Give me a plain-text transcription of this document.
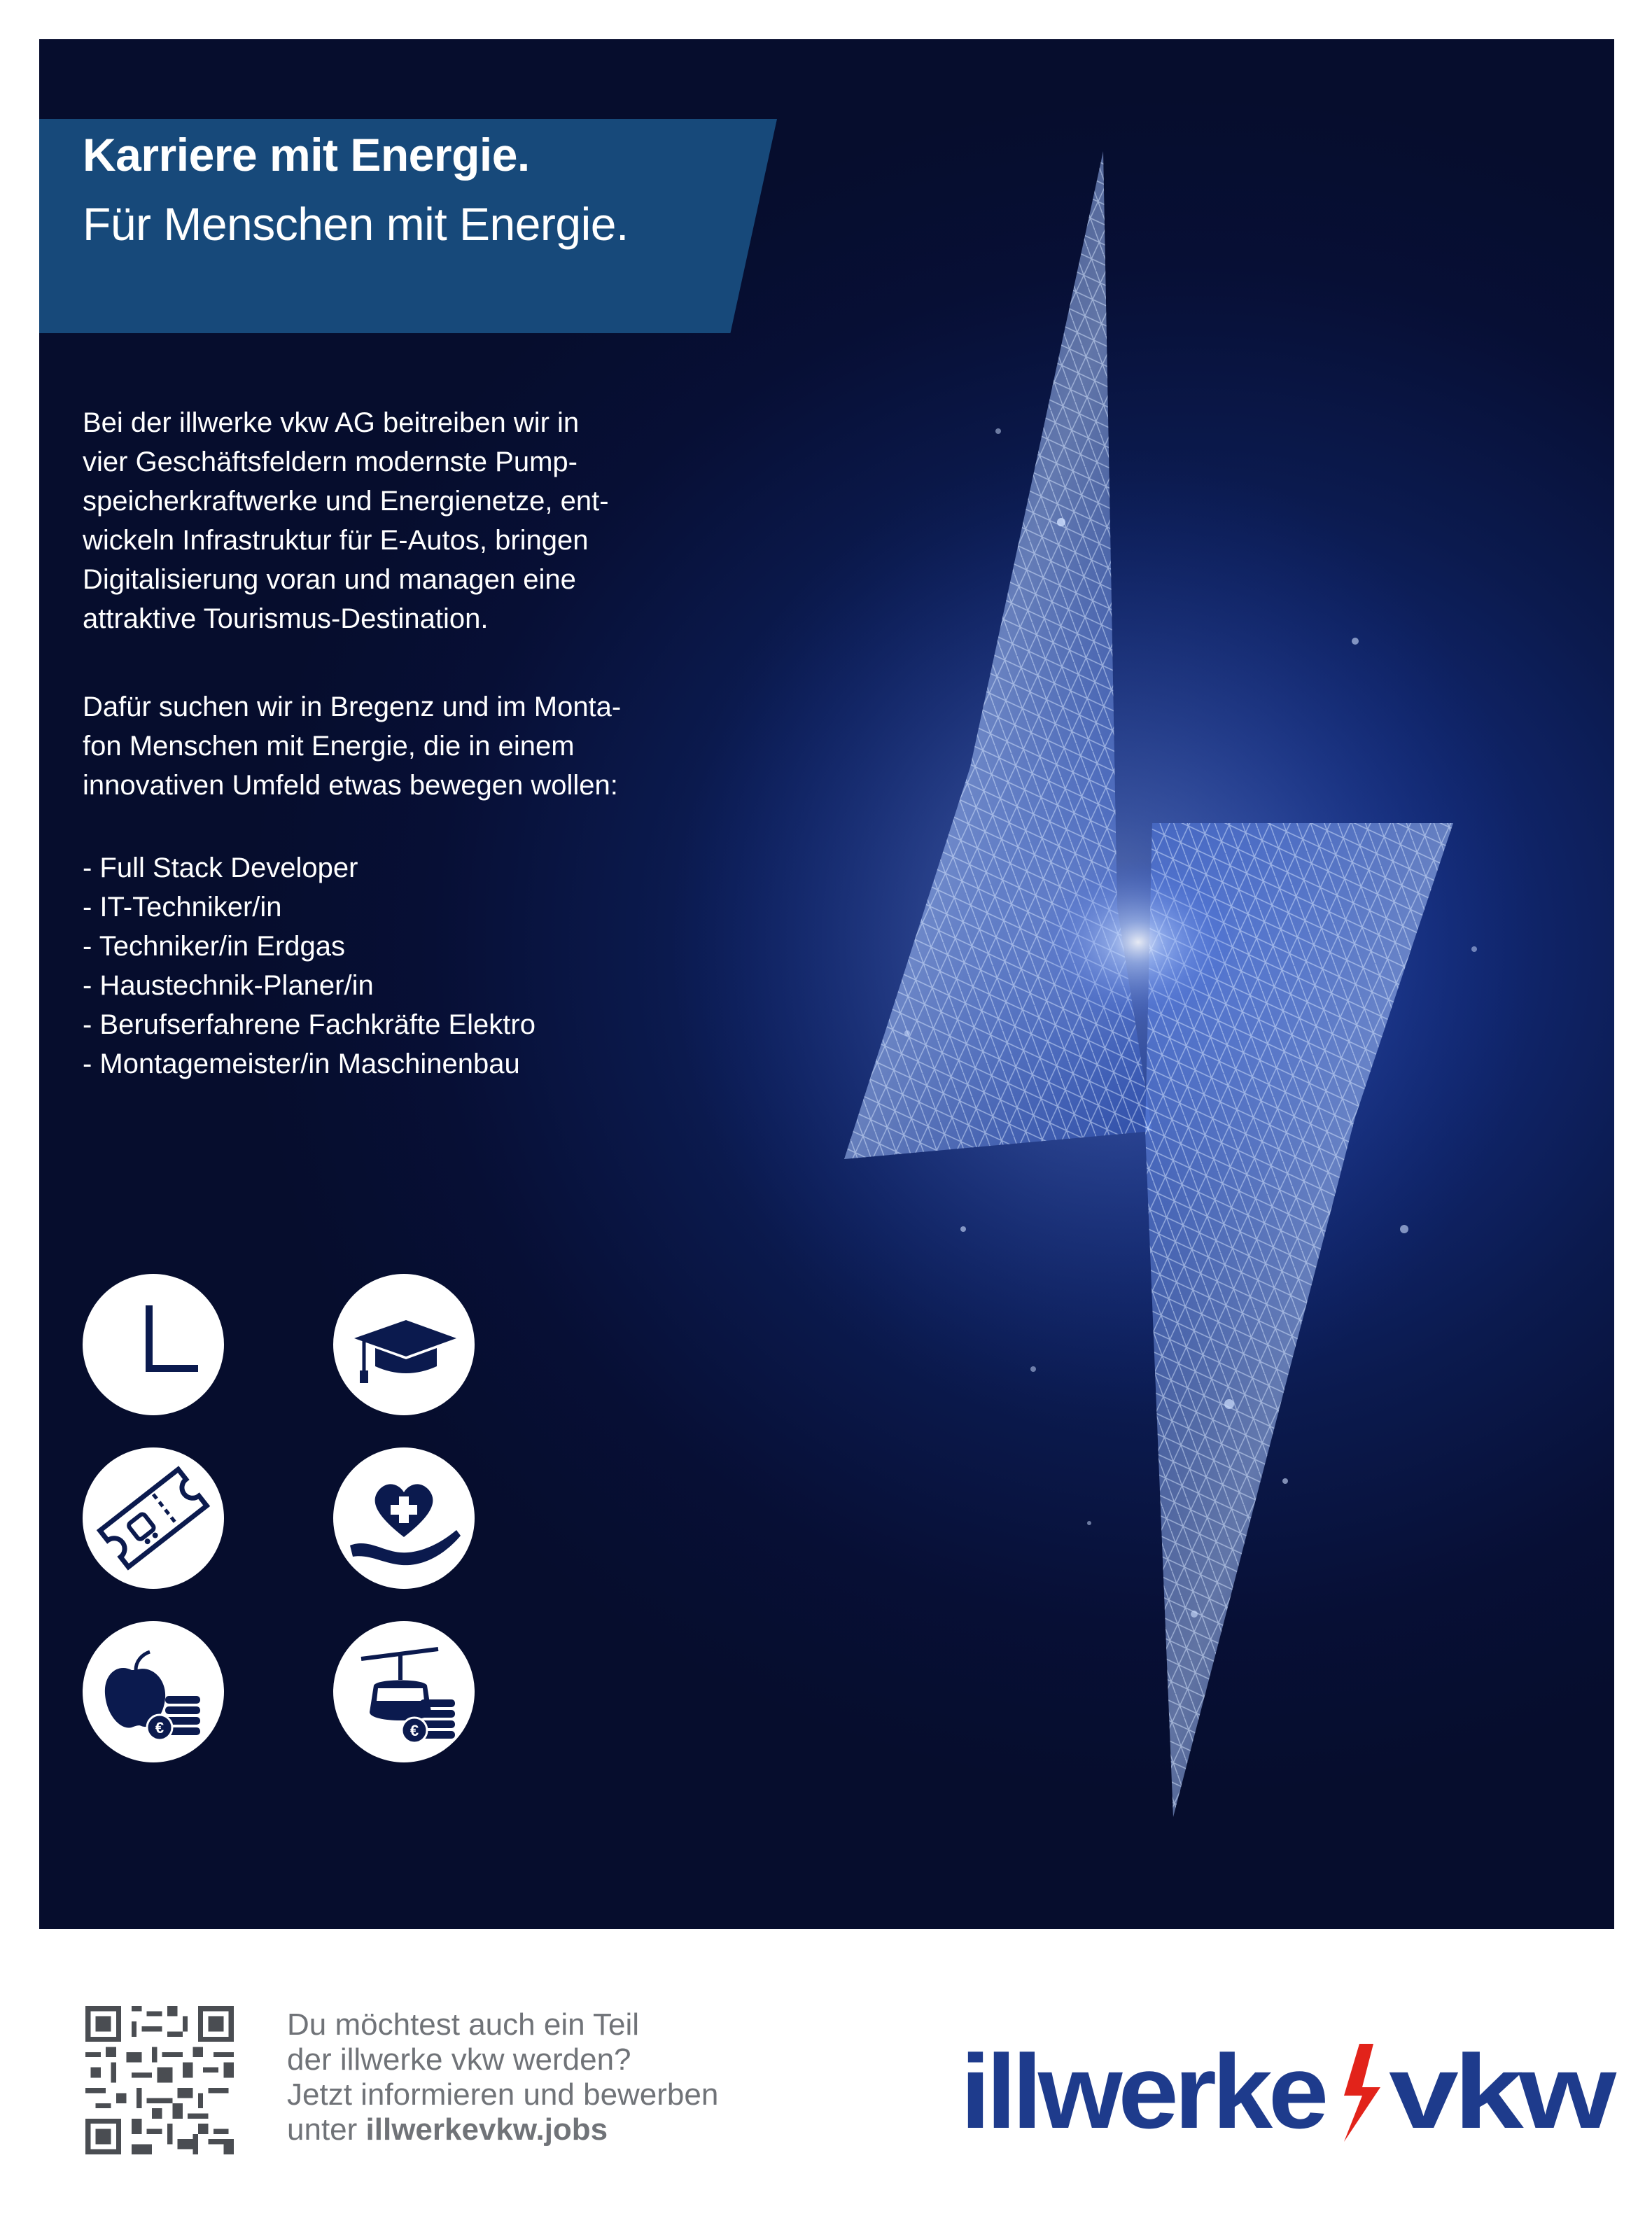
Karriere mit Energie.
Für Menschen mit Energie.

Bei der illwerke vkw AG beitreiben wir in
vier Geschäftsfeldern modernste Pump-
speicherkraftwerke und Energienetze, ent-
wickeln Infrastruktur für E-Autos, bringen
Digitalisierung voran und managen eine
attraktive Tourismus-Destination.

Dafür suchen wir in Bregenz und im Monta-
fon Menschen mit Energie, die in einem
innovativen Umfeld etwas bewegen wollen:

- Full Stack Developer
- IT-Techniker/in
- Techniker/in Erdgas
- Haustechnik-Planer/in
- Berufserfahrene Fachkräfte Elektro
- Montagemeister/in Maschinenbau
€	€

Du möchtest auch ein Teil
der illwerke vkw werden?
Jetzt informieren und bewerben
unter illwerkevkw.jobs	illwerke vkw
